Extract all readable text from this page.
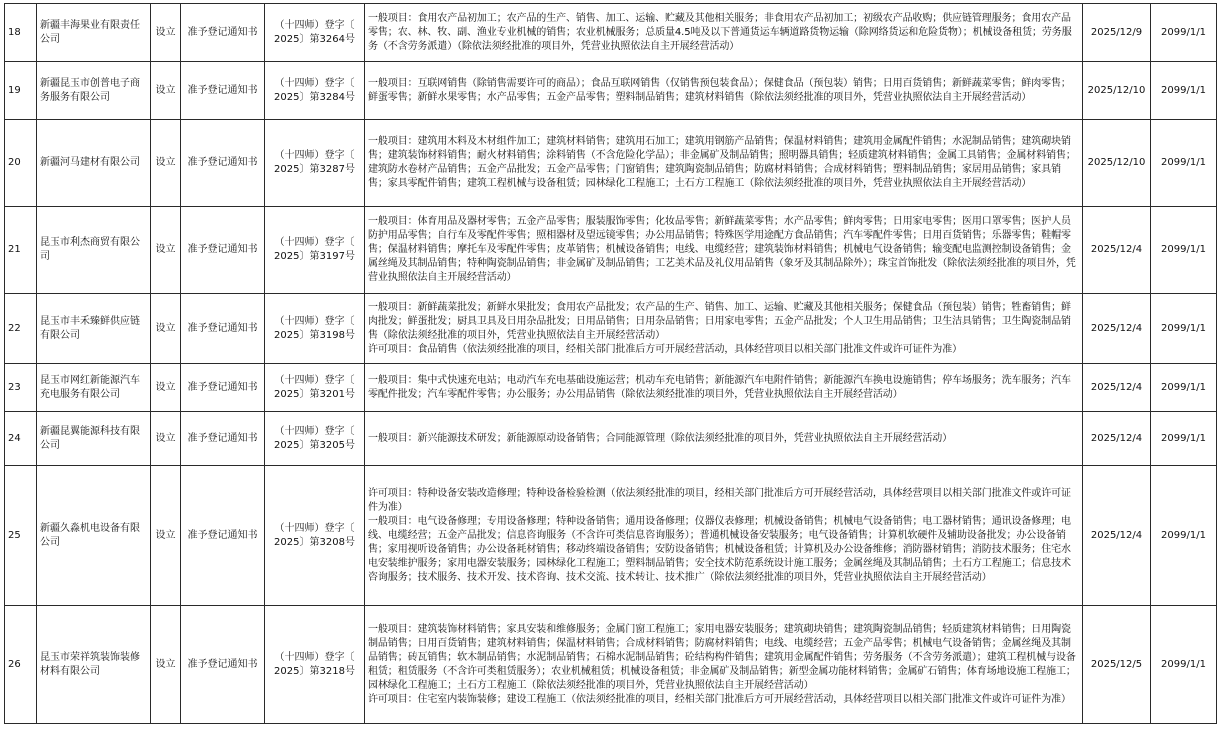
18	新疆丰海果业有限责任公司	设立	准予登记通知书	（十四师）登字〔
2025〕第3264号	一般项目：食用农产品初加工；农产品的生产、销售、加工、运输、贮藏及其他相关服务；非食用农产品初加工；初级农产品收购；供应链管理服务；食用农产品零售；农、林、牧、副、渔业专业机械的销售；农业机械服务；总质量4.5吨及以下普通货运车辆道路货物运输（除网络货运和危险货物）；机械设备租赁；劳务服务（不含劳务派遣）（除依法须经批准的项目外，凭营业执照依法自主开展经营活动）	2025/12/9	2099/1/1
19	新疆昆玉市创普电子商务服务有限公司	设立	准予登记通知书	（十四师）登字〔
2025〕第3284号	一般项目：互联网销售（除销售需要许可的商品）；食品互联网销售（仅销售预包装食品）；保健食品（预包装）销售；日用百货销售；新鲜蔬菜零售；鲜肉零售；鲜蛋零售；新鲜水果零售；水产品零售；五金产品零售；塑料制品销售；建筑材料销售（除依法须经批准的项目外，凭营业执照依法自主开展经营活动）	2025/12/10	2099/1/1
20	新疆河马建材有限公司	设立	准予登记通知书	（十四师）登字〔
2025〕第3287号	一般项目：建筑用木料及木材组件加工；建筑材料销售；建筑用石加工；建筑用钢筋产品销售；保温材料销售；建筑用金属配件销售；水泥制品销售；建筑砌块销售；建筑装饰材料销售；耐火材料销售；涂料销售（不含危险化学品）；非金属矿及制品销售；照明器具销售；轻质建筑材料销售；金属工具销售；金属材料销售；建筑防水卷材产品销售；五金产品批发；五金产品零售；门窗销售；建筑陶瓷制品销售；防腐材料销售；合成材料销售；塑料制品销售；家居用品销售；家具销售；家具零配件销售；建筑工程机械与设备租赁；园林绿化工程施工；土石方工程施工（除依法须经批准的项目外，凭营业执照依法自主开展经营活动）	2025/12/10	2099/1/1
21	昆玉市利杰商贸有限公司	设立	准予登记通知书	（十四师）登字〔
2025〕第3197号	一般项目：体育用品及器材零售；五金产品零售；服装服饰零售；化妆品零售；新鲜蔬菜零售；水产品零售；鲜肉零售；日用家电零售；医用口罩零售；医护人员防护用品零售；自行车及零配件零售；照相器材及望远镜零售；办公用品销售；特殊医学用途配方食品销售；汽车零配件零售；日用百货销售；乐器零售；鞋帽零售；保温材料销售；摩托车及零配件零售；皮革销售；机械设备销售；电线、电缆经营；建筑装饰材料销售；机械电气设备销售；输变配电监测控制设备销售；金属丝绳及其制品销售；特种陶瓷制品销售；非金属矿及制品销售；工艺美术品及礼仪用品销售（象牙及其制品除外）；珠宝首饰批发（除依法须经批准的项目外，凭营业执照依法自主开展经营活动）	2025/12/4	2099/1/1
22	昆玉市丰禾臻鲜供应链有限公司	设立	准予登记通知书	（十四师）登字〔
2025〕第3198号	一般项目：新鲜蔬菜批发；新鲜水果批发；食用农产品批发；农产品的生产、销售、加工、运输、贮藏及其他相关服务；保健食品（预包装）销售；牲畜销售；鲜肉批发；鲜蛋批发；厨具卫具及日用杂品批发；日用品销售；日用杂品销售；日用家电零售；五金产品批发；个人卫生用品销售；卫生洁具销售；卫生陶瓷制品销售（除依法须经批准的项目外，凭营业执照依法自主开展经营活动）
许可项目：食品销售（依法须经批准的项目，经相关部门批准后方可开展经营活动，具体经营项目以相关部门批准文件或许可证件为准）	2025/12/4	2099/1/1
23	昆玉市网红新能源汽车充电服务有限公司	设立	准予登记通知书	（十四师）登字〔
2025〕第3201号	一般项目：集中式快速充电站；电动汽车充电基础设施运营；机动车充电销售；新能源汽车电附件销售；新能源汽车换电设施销售；停车场服务；洗车服务；汽车零配件批发；汽车零配件零售；办公服务；办公用品销售（除依法须经批准的项目外，凭营业执照依法自主开展经营活动）	2025/12/4	2099/1/1
24	新疆昆翼能源科技有限公司	设立	准予登记通知书	（十四师）登字〔
2025〕第3205号	一般项目：新兴能源技术研发；新能源原动设备销售；合同能源管理（除依法须经批准的项目外，凭营业执照依法自主开展经营活动）	2025/12/4	2099/1/1
25	新疆久淼机电设备有限公司	设立	准予登记通知书	（十四师）登字〔
2025〕第3208号	许可项目：特种设备安装改造修理；特种设备检验检测（依法须经批准的项目，经相关部门批准后方可开展经营活动，具体经营项目以相关部门批准文件或许可证件为准）
一般项目：电气设备修理；专用设备修理；特种设备销售；通用设备修理；仪器仪表修理；机械设备销售；机械电气设备销售；电工器材销售；通讯设备修理；电线、电缆经营；五金产品批发；信息咨询服务（不含许可类信息咨询服务）；普通机械设备安装服务；电气设备销售；计算机软硬件及辅助设备批发；办公设备销售；家用视听设备销售；办公设备耗材销售；移动终端设备销售；安防设备销售；机械设备租赁；计算机及办公设备维修；消防器材销售；消防技术服务；住宅水电安装维护服务；家用电器安装服务；园林绿化工程施工；塑料制品销售；安全技术防范系统设计施工服务；金属丝绳及其制品销售；土石方工程施工；信息技术咨询服务；技术服务、技术开发、技术咨询、技术交流、技术转让、技术推广（除依法须经批准的项目外，凭营业执照依法自主开展经营活动）	2025/12/4	2099/1/1
26	昆玉市荣祥筑装饰装修材料有限公司	设立	准予登记通知书	（十四师）登字〔
2025〕第3218号	一般项目：建筑装饰材料销售；家具安装和维修服务；金属门窗工程施工；家用电器安装服务；建筑砌块销售；建筑陶瓷制品销售；轻质建筑材料销售；日用陶瓷制品销售；日用百货销售；建筑材料销售；保温材料销售；合成材料销售；防腐材料销售；电线、电缆经营；五金产品零售；机械电气设备销售；金属丝绳及其制品销售；砖瓦销售；软木制品销售；水泥制品销售；石棉水泥制品销售；砼结构构件销售；建筑用金属配件销售；劳务服务（不含劳务派遣）；建筑工程机械与设备租赁；租赁服务（不含许可类租赁服务）；农业机械租赁；机械设备租赁；非金属矿及制品销售；新型金属功能材料销售；金属矿石销售；体育场地设施工程施工；园林绿化工程施工；土石方工程施工（除依法须经批准的项目外，凭营业执照依法自主开展经营活动）
许可项目：住宅室内装饰装修；建设工程施工（依法须经批准的项目，经相关部门批准后方可开展经营活动，具体经营项目以相关部门批准文件或许可证件为准）	2025/12/5	2099/1/1
